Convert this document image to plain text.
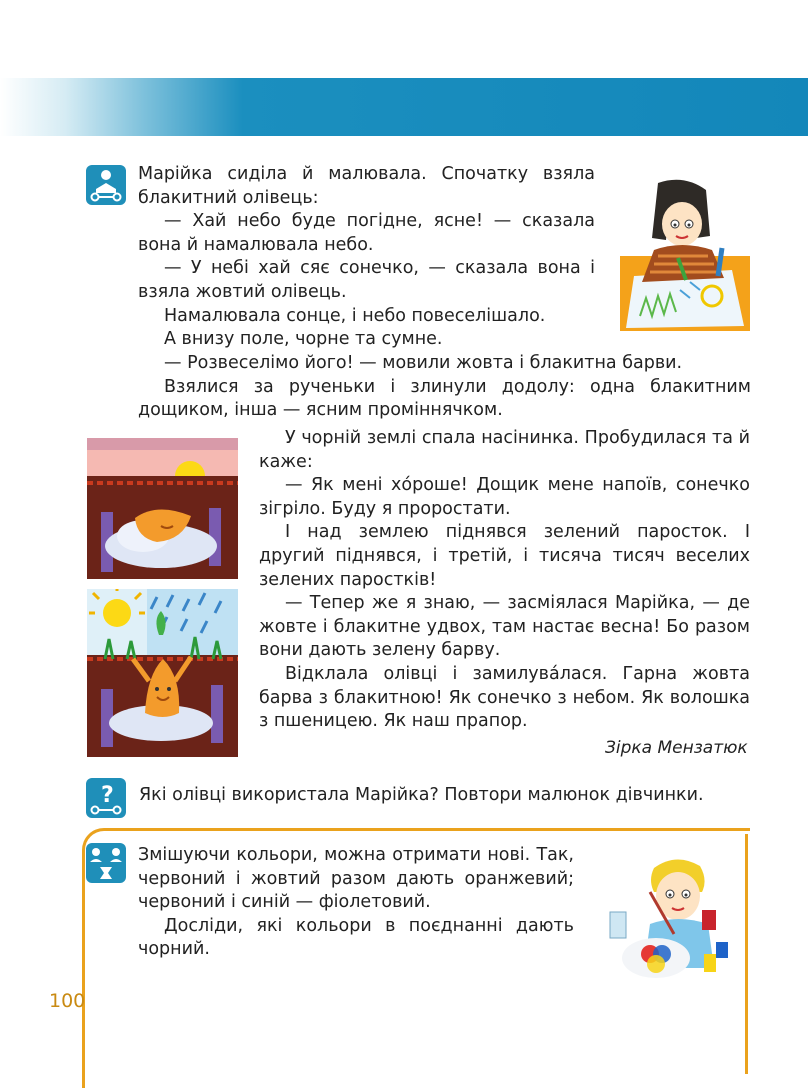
Марійка сиділа й малювала. Спочатку взяла блакитний олівець:

— Хай небо буде погідне, ясне! — сказала вона й намалювала небо.

— У небі хай сяє сонечко, — сказала вона і взяла жовтий олівець.

Намалювала сонце, і небо повеселішало.

А внизу поле, чорне та сумне.

— Розвеселімо його! — мовили жовта і блакитна барви.

Взялися за рученьки і злинули додолу: одна блакитним дощиком, інша — ясним проміннячком.

У чорній землі спала насінинка. Пробудилася та й каже:

— Як мені хо́роше! Дощик мене напоїв, сонечко зігріло. Буду я проростати.

І над землею піднявся зелений паросток. І другий піднявся, і третій, і тисяча тисяч веселих зелених паростків!

— Тепер же я знаю, — засміялася Марійка, — де жовте і блакитне удвох, там настає весна! Бо разом вони дають зелену барву.

Відклала олівці і замилува́лася. Гарна жовта барва з блакитною! Як сонечко з небом. Як волошка з пшеницею. Як наш прапор.

Зірка Мензатюк
? Які олівці використала Марійка? Повтори малюнок дівчинки.

Змішуючи кольори, можна отримати нові. Так, червоний і жовтий разом дають оранжевий; червоний і синій — фіолетовий.

Досліди, які кольори в поєднанні дають чорний.

100
